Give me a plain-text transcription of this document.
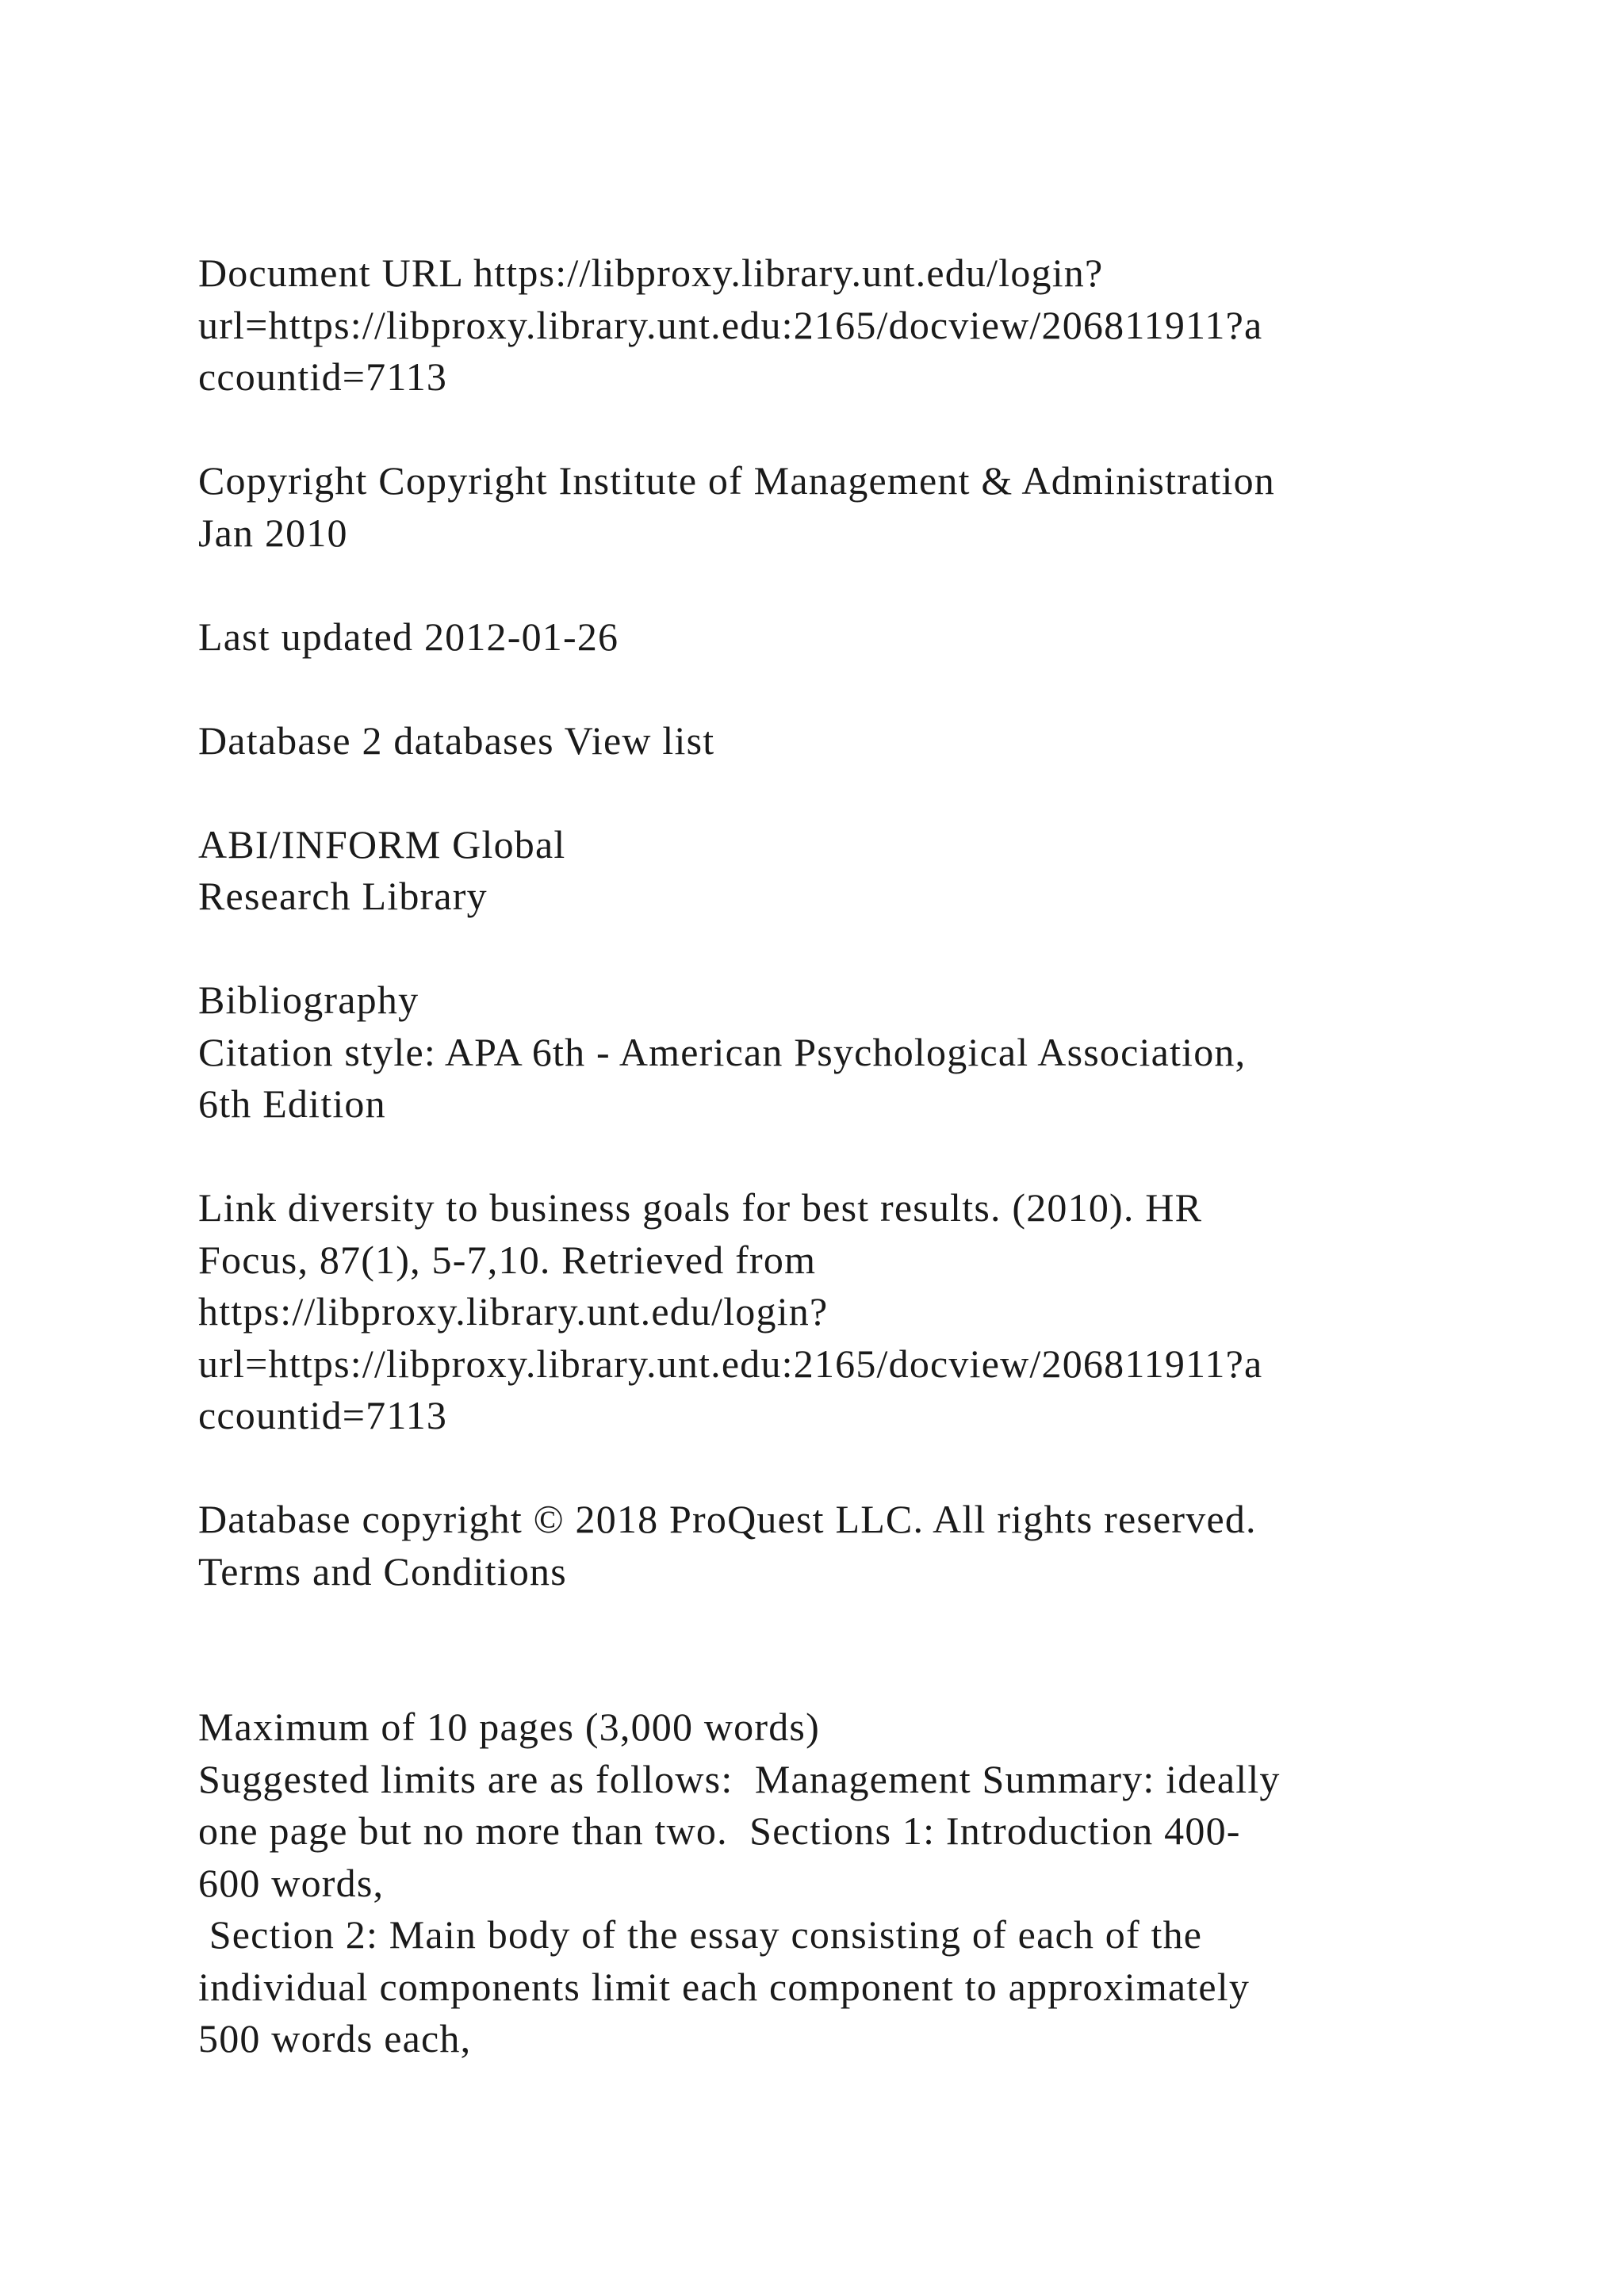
Document URL https://libproxy.library.unt.edu/login?
url=https://libproxy.library.unt.edu:2165/docview/206811911?a
ccountid=7113
Copyright Copyright Institute of Management & Administration
Jan 2010
Last updated 2012-01-26
Database 2 databases View list
ABI/INFORM Global
Research Library
Bibliography
Citation style: APA 6th - American Psychological Association,
6th Edition
Link diversity to business goals for best results. (2010). HR
Focus, 87(1), 5-7,10. Retrieved from
https://libproxy.library.unt.edu/login?
url=https://libproxy.library.unt.edu:2165/docview/206811911?a
ccountid=7113
Database copyright © 2018 ProQuest LLC. All rights reserved.
Terms and Conditions
Maximum of 10 pages (3,000 words)
Suggested limits are as follows:  Management Summary: ideally
one page but no more than two.  Sections 1: Introduction 400-
600 words,
Section 2: Main body of the essay consisting of each of the
individual components limit each component to approximately
500 words each,
